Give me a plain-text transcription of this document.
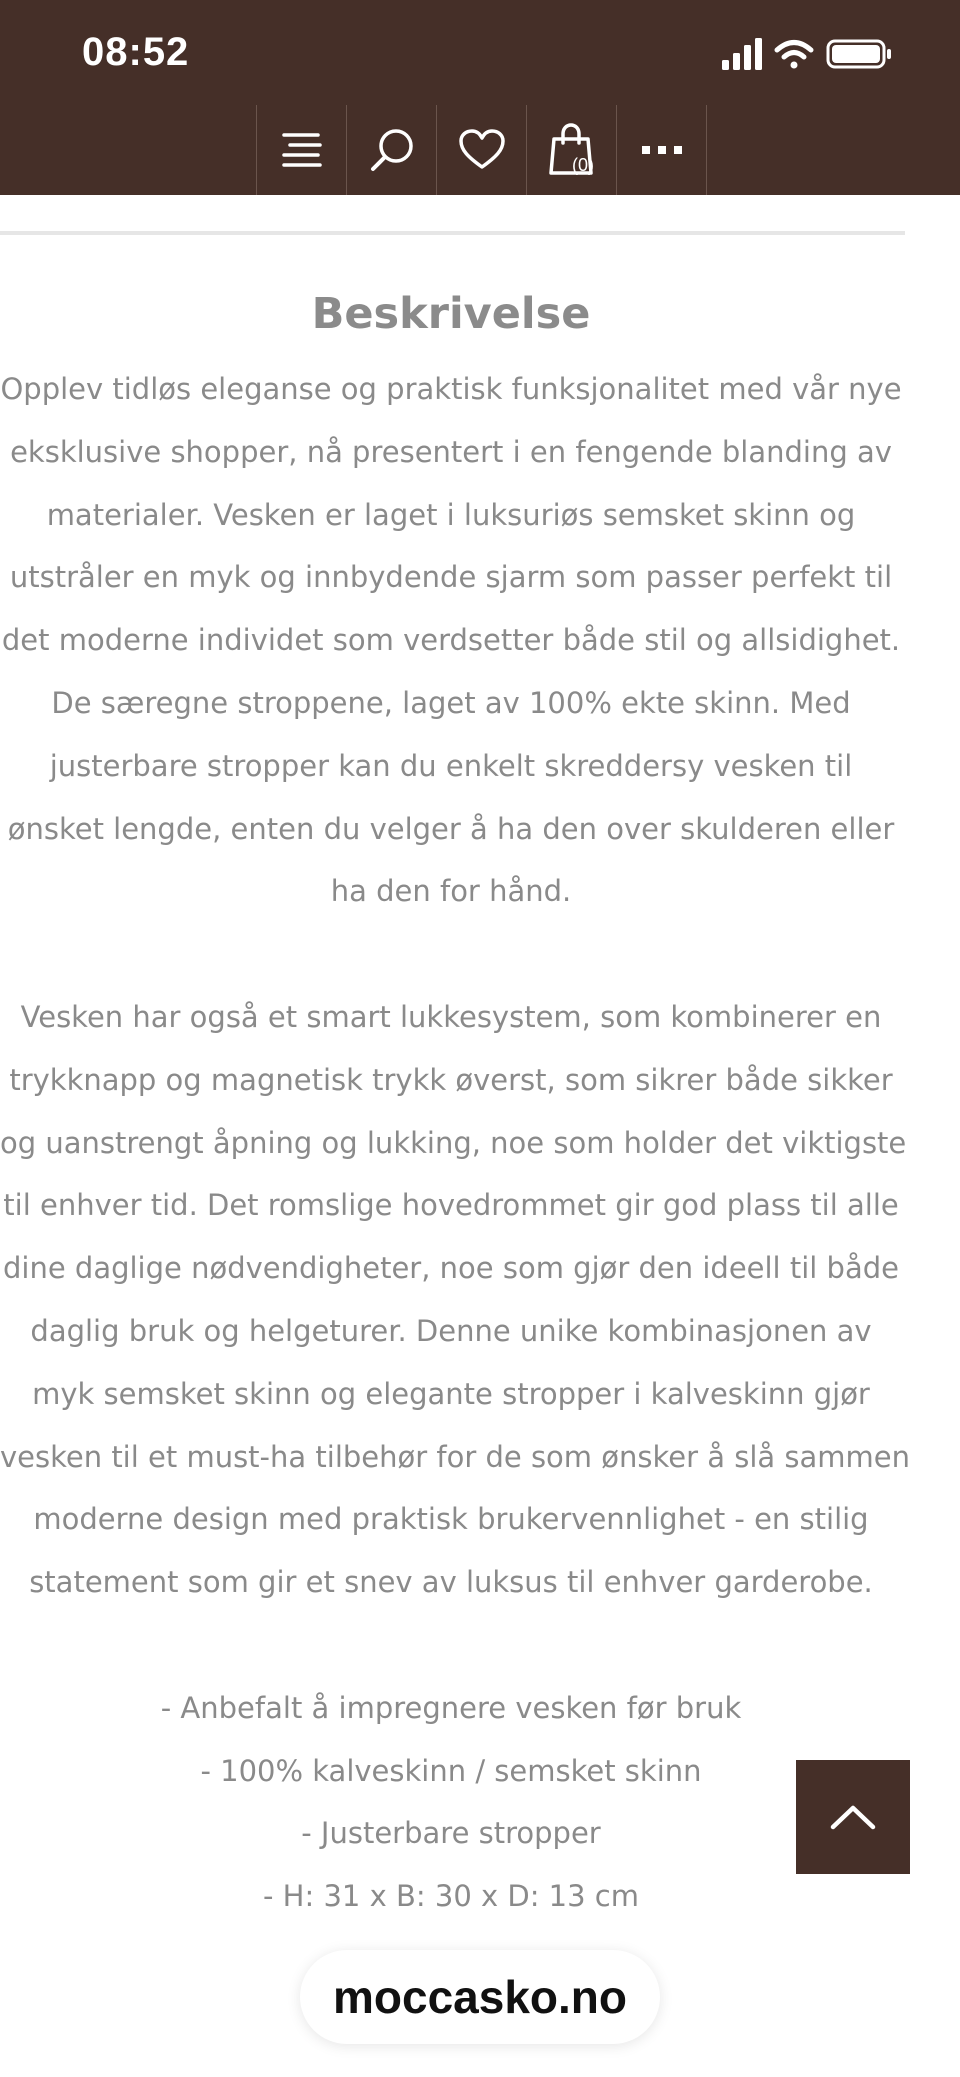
08:52
(0)
Beskrivelse

Opplev tidløs eleganse og praktisk funksjonalitet med vår nye

eksklusive shopper, nå presentert i en fengende blanding av

materialer. Vesken er laget i luksuriøs semsket skinn og

utstråler en myk og innbydende sjarm som passer perfekt til

det moderne individet som verdsetter både stil og allsidighet.

De særegne stroppene, laget av 100% ekte skinn. Med

justerbare stropper kan du enkelt skreddersy vesken til

ønsket lengde, enten du velger å ha den over skulderen eller

ha den for hånd.

Vesken har også et smart lukkesystem, som kombinerer en

trykknapp og magnetisk trykk øverst, som sikrer både sikker

og uanstrengt åpning og lukking, noe som holder det viktigste

til enhver tid. Det romslige hovedrommet gir god plass til alle

dine daglige nødvendigheter, noe som gjør den ideell til både

daglig bruk og helgeturer. Denne unike kombinasjonen av

myk semsket skinn og elegante stropper i kalveskinn gjør

vesken til et must-ha tilbehør for de som ønsker å slå sammen

moderne design med praktisk brukervennlighet - en stilig

statement som gir et snev av luksus til enhver garderobe.

- Anbefalt å impregnere vesken før bruk
- 100% kalveskinn / semsket skinn
- Justerbare stropper
- H: 31 x B: 30 x D: 13 cm
moccasko.no
